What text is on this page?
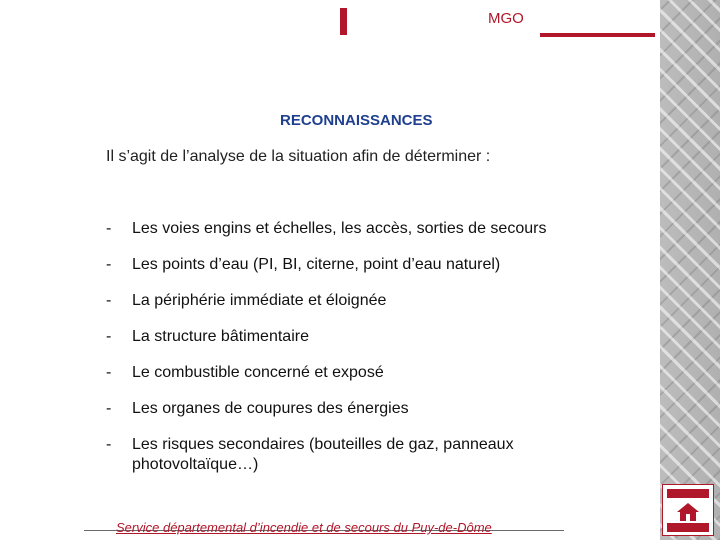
MGO
RECONNAISSANCES
Il s’agit de l’analyse de la situation afin de déterminer :
- Les voies engins et échelles, les accès, sorties de secours
- Les points d’eau (PI, BI, citerne, point d’eau naturel)
- La périphérie immédiate et éloignée
- La structure bâtimentaire
- Le combustible concerné et exposé
- Les organes de coupures des énergies
- Les risques secondaires (bouteilles de gaz, panneaux photovoltaïque…)
Service départemental d’incendie et de secours du Puy-de-Dôme
